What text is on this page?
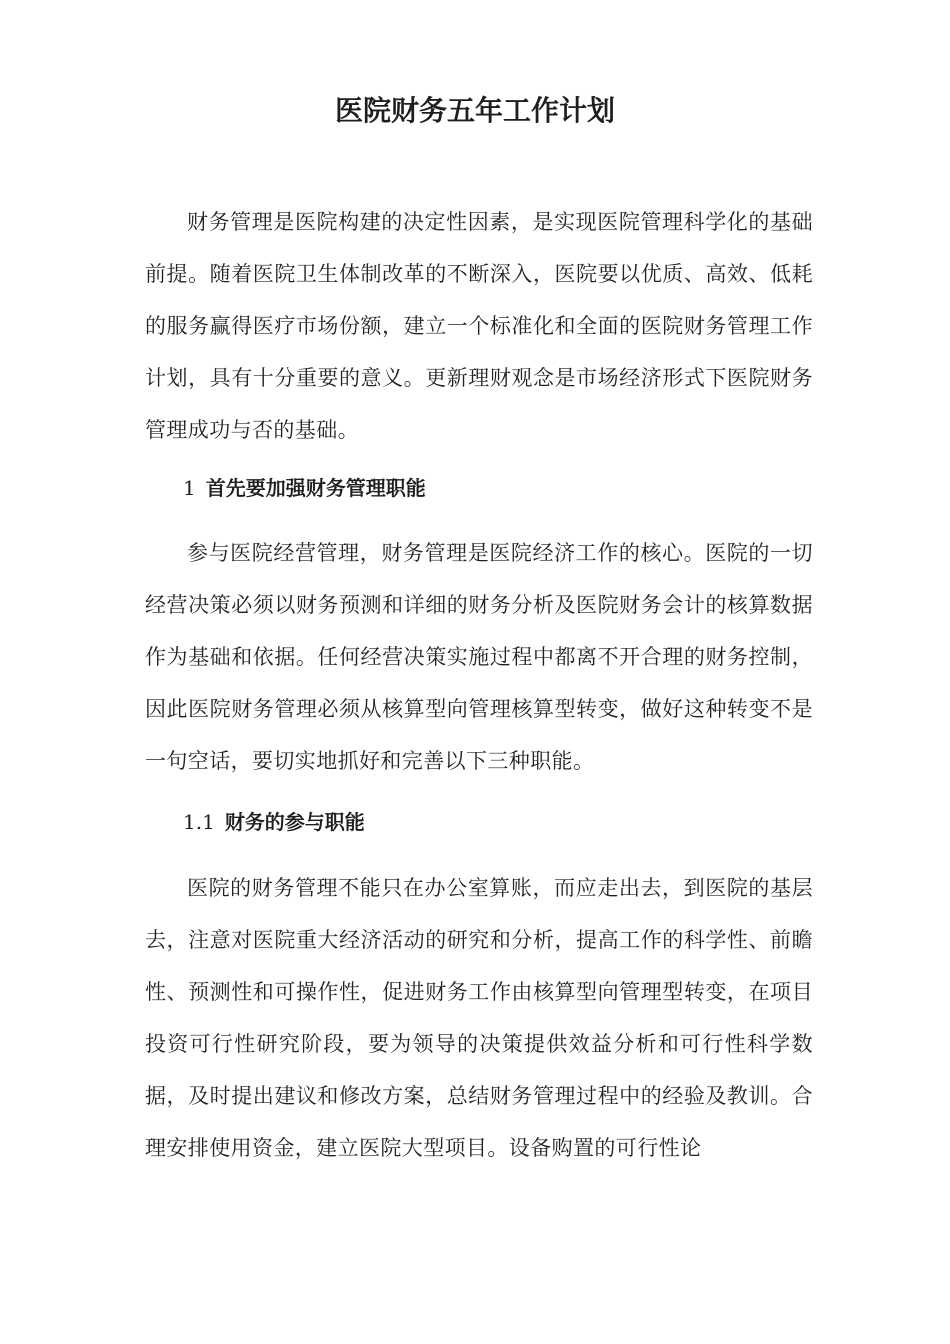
医院财务五年工作计划

财务管理是医院构建的决定性因素，是实现医院管理科学化的基础前提。随着医院卫生体制改革的不断深入，医院要以优质、高效、低耗的服务赢得医疗市场份额，建立一个标准化和全面的医院财务管理工作计划，具有十分重要的意义。更新理财观念是市场经济形式下医院财务管理成功与否的基础。

1 首先要加强财务管理职能

参与医院经营管理，财务管理是医院经济工作的核心。医院的一切经营决策必须以财务预测和详细的财务分析及医院财务会计的核算数据作为基础和依据。任何经营决策实施过程中都离不开合理的财务控制，因此医院财务管理必须从核算型向管理核算型转变，做好这种转变不是一句空话，要切实地抓好和完善以下三种职能。

1.1 财务的参与职能

医院的财务管理不能只在办公室算账，而应走出去，到医院的基层去，注意对医院重大经济活动的研究和分析，提高工作的科学性、前瞻性、预测性和可操作性，促进财务工作由核算型向管理型转变，在项目投资可行性研究阶段，要为领导的决策提供效益分析和可行性科学数据，及时提出建议和修改方案，总结财务管理过程中的经验及教训。合理安排使用资金，建立医院大型项目。设备购置的可行性论
